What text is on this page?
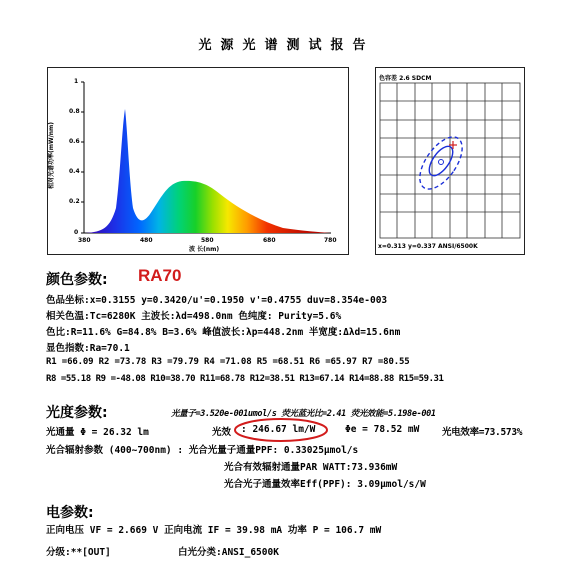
光源光谱测试报告
1
0.8
0.6
0.4
0.2
0
380	480	580	680	780
波 长(nm)
相对光谱功率(mW/nm)
色容差 2.6 SDCM
x=0.313 y=0.337 ANSI/6500K
颜色参数: RA70
色品坐标:x=0.3155 y=0.3420/u'=0.1950 v'=0.4755 duv=8.354e-003
相关色温:Tc=6280K 主波长:λd=498.0nm 色纯度: Purity=5.6%
色比:R=11.6% G=84.8% B=3.6% 峰值波长:λp=448.2nm 半宽度:Δλd=15.6nm
显色指数:Ra=70.1
R1 =66.09 R2 =73.78 R3 =79.79 R4 =71.08 R5 =68.51 R6 =65.97 R7 =80.55
R8 =55.18 R9 =-48.08 R10=38.70 R11=68.78 R12=38.51 R13=67.14 R14=88.88 R15=59.31
光度参数:	光量子=3.520e-001umol/s 荧光蓝光比=2.41 荧光效能=5.198e-001
光通量 Φ = 26.32 lm	光效 : 246.67 lm/W	Φe = 78.52 mW 光电效率=73.573%
光合辐射参数 (400~700nm) : 光合光量子通量PPF: 0.33025μmol/s
光合有效辐射通量PAR WATT:73.936mW
光合光子通量效率Eff(PPF): 3.09μmol/s/W
电参数:
正向电压 VF = 2.669 V 正向电流 IF = 39.98 mA 功率 P = 106.7 mW
分级:**[OUT]	白光分类:ANSI_6500K
